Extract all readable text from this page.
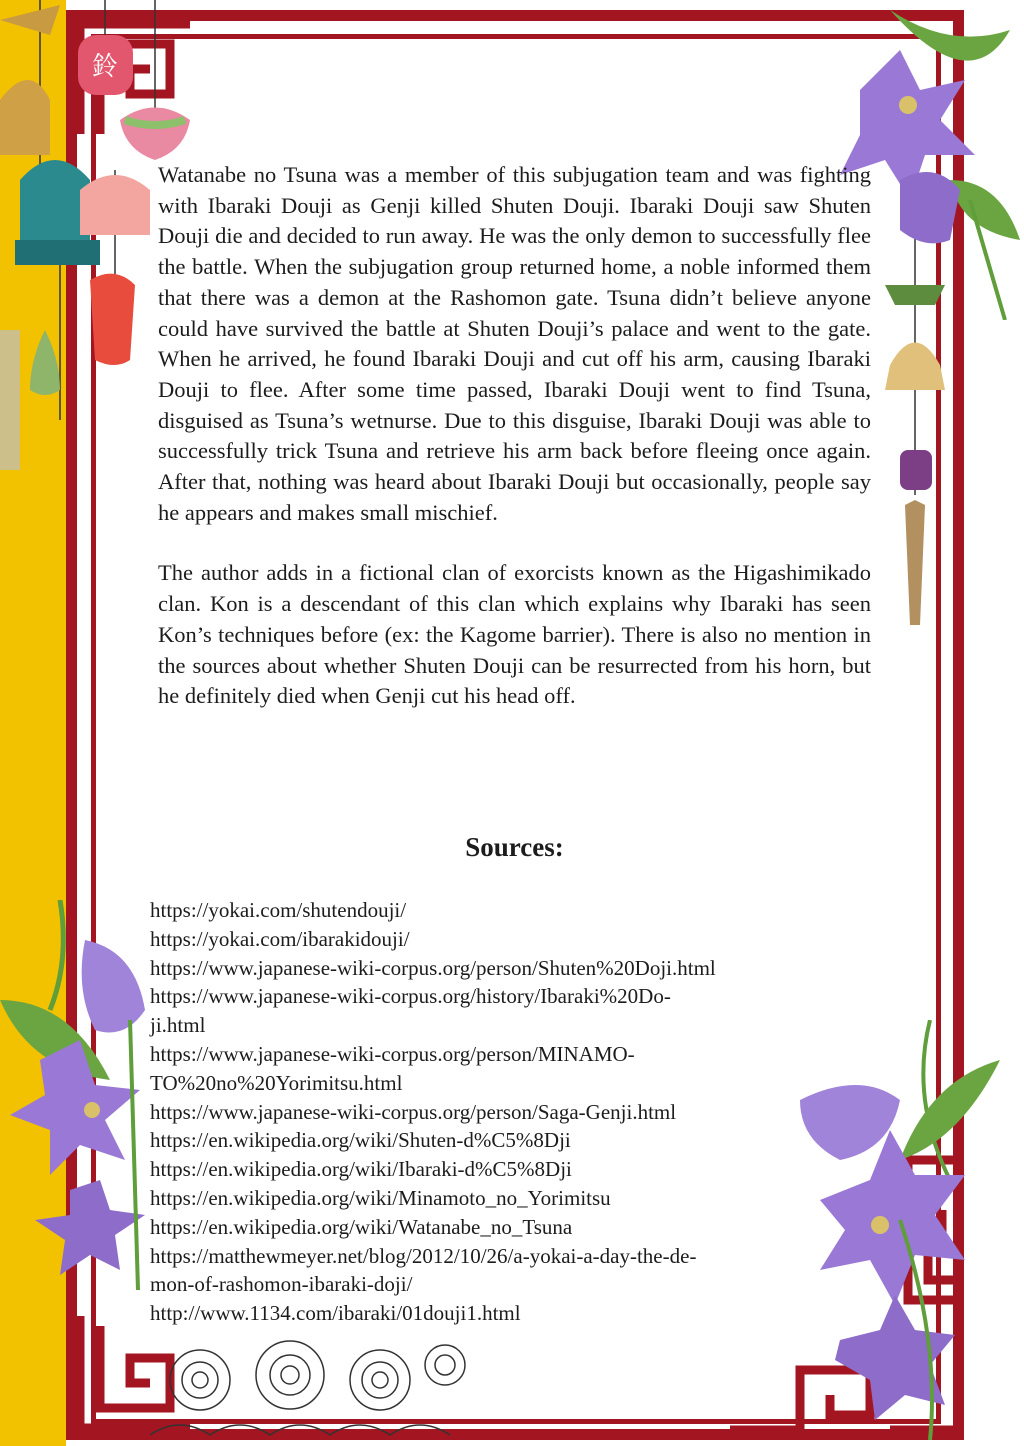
鈴

Watanabe no Tsuna was a member of this subjugation team and was fighting with Ibaraki Douji as Genji killed Shuten Douji. Ibaraki Douji saw Shuten Douji die and decided to run away. He was the only demon to successfully flee the battle. When the subjugation group returned home, a noble informed them that there was a demon at the Rashomon gate. Tsuna didn’t believe anyone could have survived the battle at Shuten Douji’s palace and went to the gate. When he arrived, he found Ibaraki Douji and cut off his arm, causing Ibaraki Douji to flee. After some time passed, Ibaraki Douji went to find Tsuna, disguised as Tsuna’s wetnurse. Due to this disguise, Ibaraki Douji was able to successfully trick Tsuna and retrieve his arm back before fleeing once again. After that, nothing was heard about Ibaraki Douji but occasionally, people say he appears and makes small mischief.

The author adds in a fictional clan of exorcists known as the Higashimikado clan. Kon is a descendant of this clan which explains why Ibaraki has seen Kon’s techniques before (ex: the Kagome barrier). There is also no mention in the sources about whether Shuten Douji can be resurrected from his horn, but he definitely died when Genji cut his head off.

Sources:
https://yokai.com/shutendouji/
https://yokai.com/ibarakidouji/
https://www.japanese-wiki-corpus.org/person/Shuten%20Doji.html
https://www.japanese-wiki-corpus.org/history/Ibaraki%20Do-
ji.html
https://www.japanese-wiki-corpus.org/person/MINAMO-
TO%20no%20Yorimitsu.html
https://www.japanese-wiki-corpus.org/person/Saga-Genji.html
https://en.wikipedia.org/wiki/Shuten-d%C5%8Dji
https://en.wikipedia.org/wiki/Ibaraki-d%C5%8Dji
https://en.wikipedia.org/wiki/Minamoto_no_Yorimitsu
https://en.wikipedia.org/wiki/Watanabe_no_Tsuna
https://matthewmeyer.net/blog/2012/10/26/a-yokai-a-day-the-de-
mon-of-rashomon-ibaraki-doji/
http://www.1134.com/ibaraki/01douji1.html
